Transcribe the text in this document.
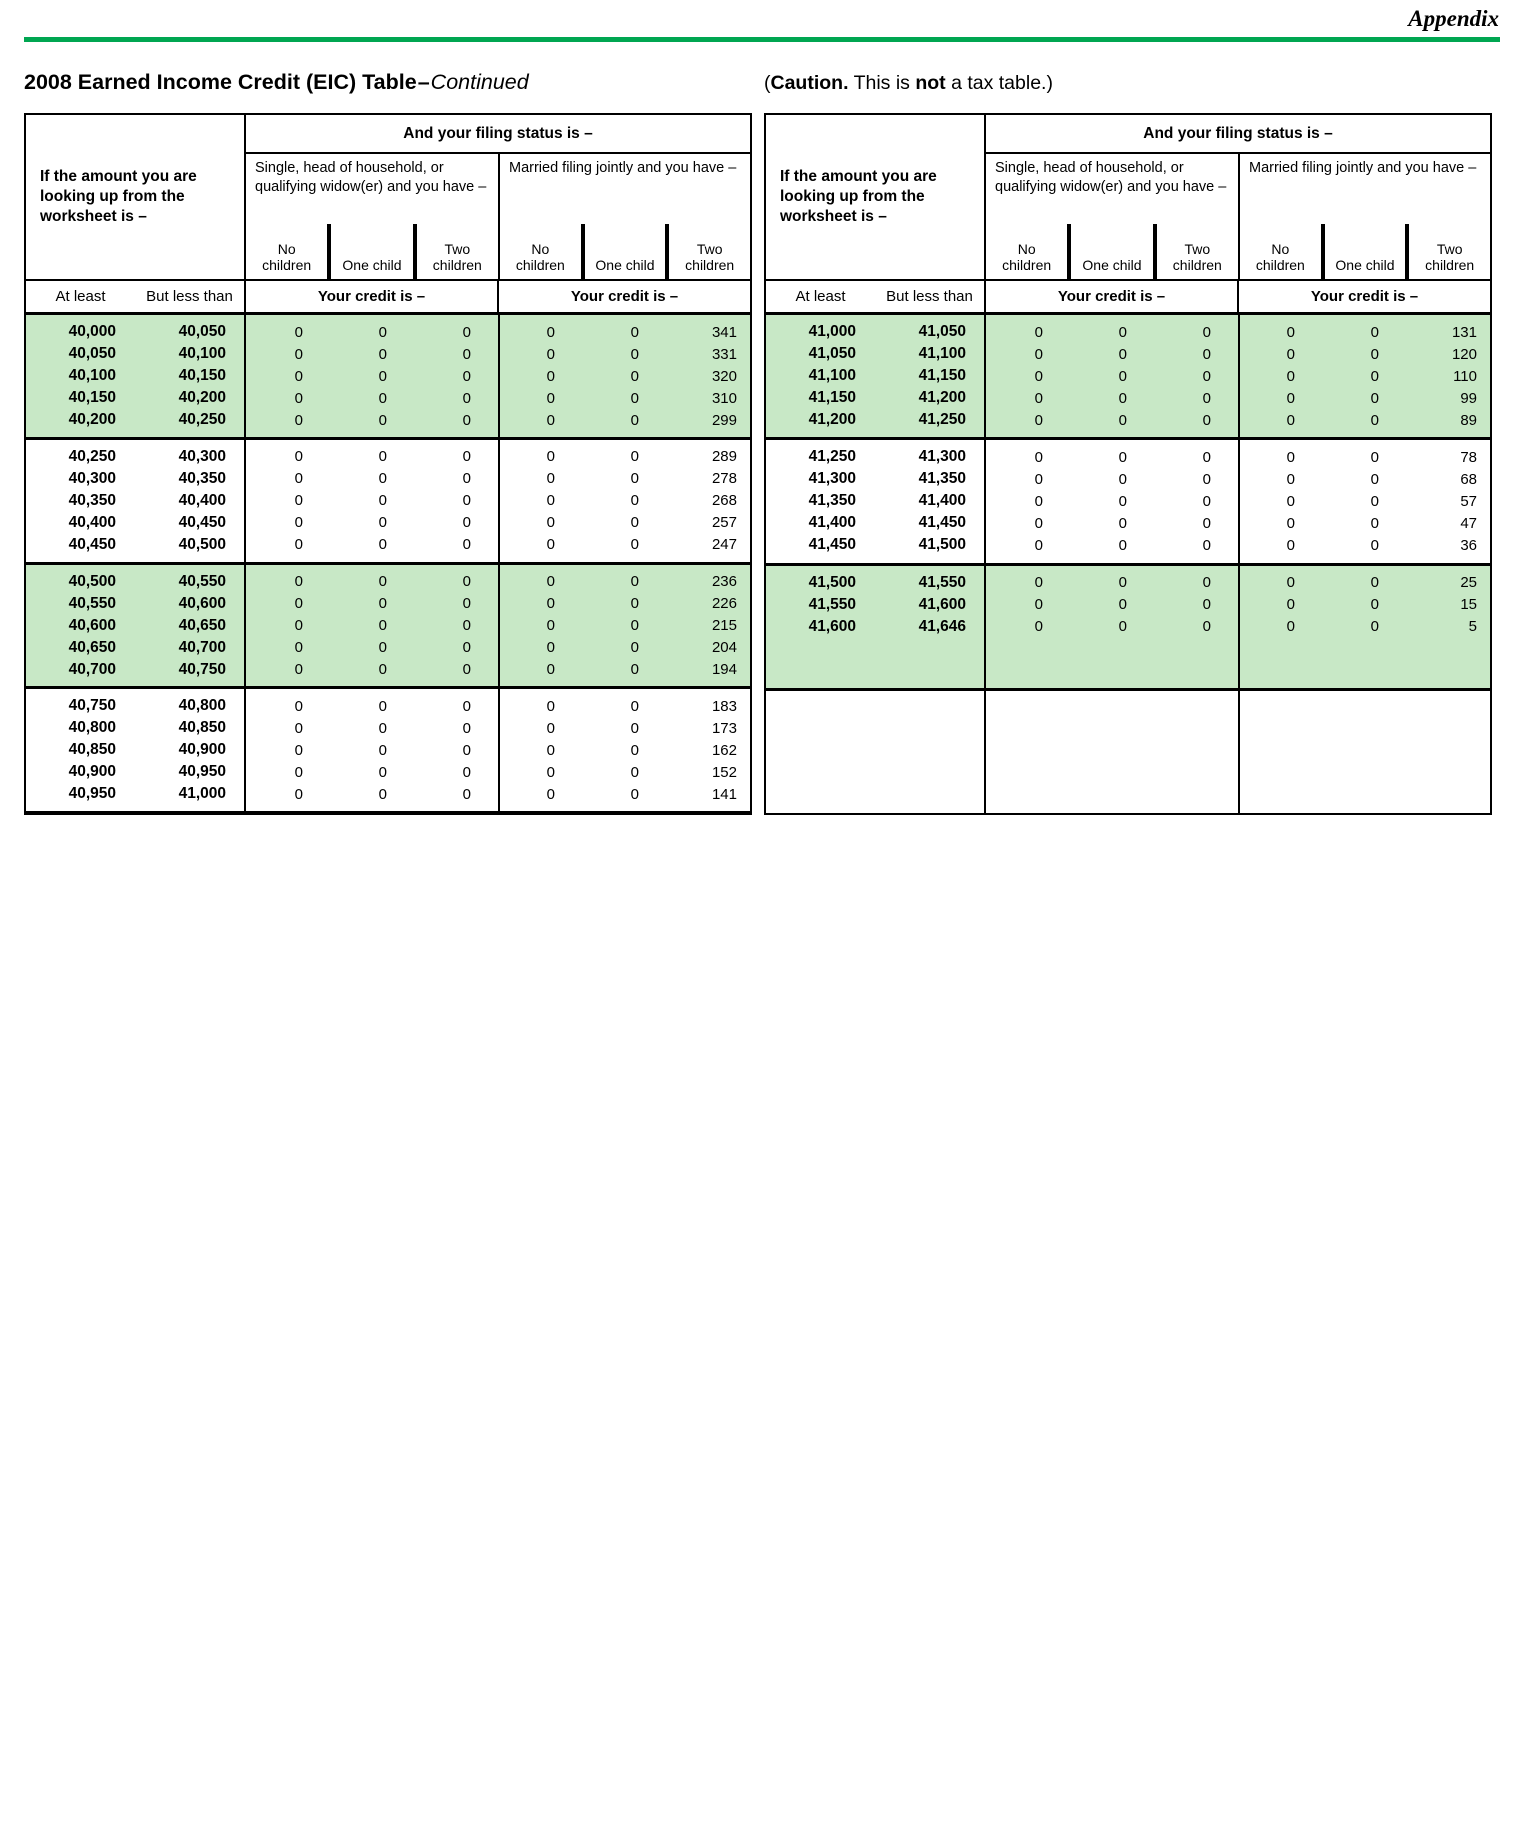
Appendix
2008 Earned Income Credit (EIC) Table–Continued	(Caution. This is not a tax table.)
If the amount you are looking up from the worksheet is –
And your filing status is –
Single, head of household, or qualifying widow(er) and you have –
No children	One child
Two children
Married filing jointly and you have –
No children	One child
Two children
At least	But less than	Your credit is –	Your credit is –
40,000	40,050	0	0	0	0	0	341
40,050	40,100	0	0	0	0	0	331
40,100	40,150	0	0	0	0	0	320
40,150	40,200	0	0	0	0	0	310
40,200	40,250	0	0	0	0	0	299
40,250	40,300	0	0	0	0	0	289
40,300	40,350	0	0	0	0	0	278
40,350	40,400	0	0	0	0	0	268
40,400	40,450	0	0	0	0	0	257
40,450	40,500	0	0	0	0	0	247
40,500	40,550	0	0	0	0	0	236
40,550	40,600	0	0	0	0	0	226
40,600	40,650	0	0	0	0	0	215
40,650	40,700	0	0	0	0	0	204
40,700	40,750	0	0	0	0	0	194
40,750	40,800	0	0	0	0	0	183
40,800	40,850	0	0	0	0	0	173
40,850	40,900	0	0	0	0	0	162
40,900	40,950	0	0	0	0	0	152
40,950	41,000	0	0	0	0	0	141
If the amount you are looking up from the worksheet is –
And your filing status is –
Single, head of household, or qualifying widow(er) and you have –
No children	One child
Two children
Married filing jointly and you have –
No children	One child
Two children
At least	But less than	Your credit is –	Your credit is –
41,000	41,050	0	0	0	0	0	131
41,050	41,100	0	0	0	0	0	120
41,100	41,150	0	0	0	0	0	110
41,150	41,200	0	0	0	0	0	99
41,200	41,250	0	0	0	0	0	89
41,250	41,300	0	0	0	0	0	78
41,300	41,350	0	0	0	0	0	68
41,350	41,400	0	0	0	0	0	57
41,400	41,450	0	0	0	0	0	47
41,450	41,500	0	0	0	0	0	36
41,500	41,550	0	0	0	0	0	25
41,550	41,600	0	0	0	0	0	15
41,600	41,646	0	0	0	0	0	5
